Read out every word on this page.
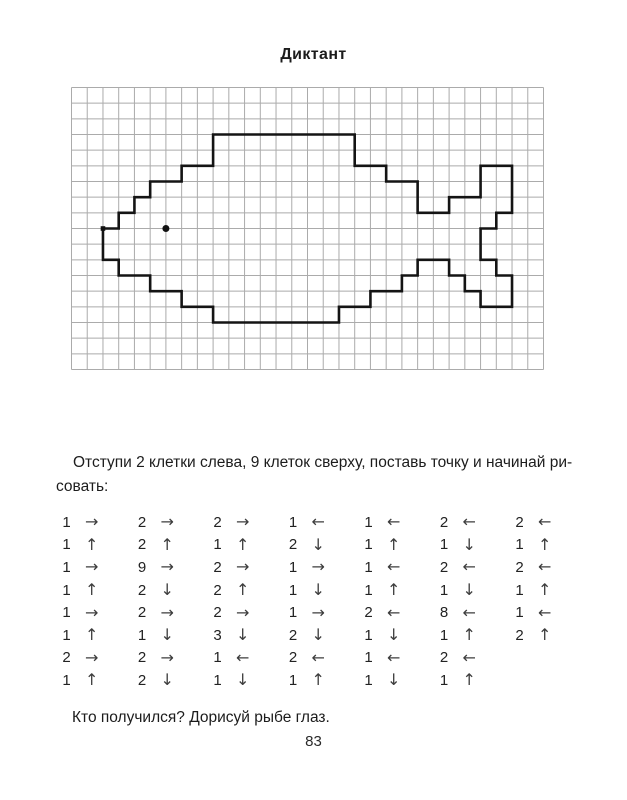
Диктант
Отступи 2 клетки слева, 9 клеток сверху, поставь точку и начинай ри-
совать:
1 →	2 →	2 →	1 ←	1 ←	2 ←	2 ←
1 ↑	2 ↑	1 ↑	2 ↓	1 ↑	1 ↓	1 ↑
1 →	9 →	2 →	1 →	1 ←	2 ←	2 ←
1 ↑	2 ↓	2 ↑	1 ↓	1 ↑	1 ↓	1 ↑
1 →	2 →	2 →	1 →	2 ←	8 ←	1 ←
1 ↑	1 ↓	3 ↓	2 ↓	1 ↓	1 ↑	2 ↑
2 →	2 →	1 ←	2 ←	1 ←	2 ←
1 ↑	2 ↓	1 ↓	1 ↑	1 ↓	1 ↑
Кто получился? Дорисуй рыбе глаз.
83
